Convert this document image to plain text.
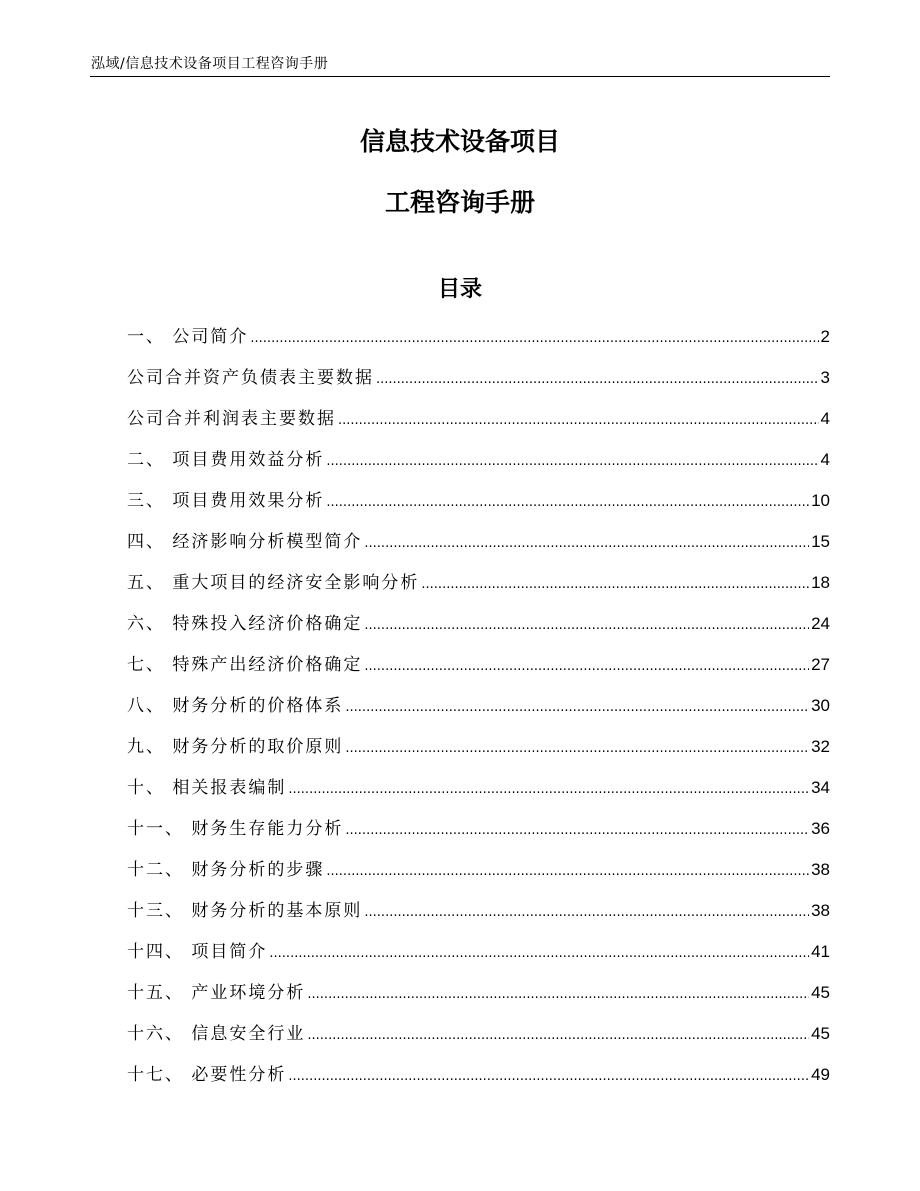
泓域/信息技术设备项目工程咨询手册
信息技术设备项目
工程咨询手册
目录
一、 公司简介 .....	2
公司合并资产负债表主要数据 .....	3
公司合并利润表主要数据 .....	4
二、 项目费用效益分析 .....	4
三、 项目费用效果分析 .....	10
四、 经济影响分析模型简介 .....	15
五、 重大项目的经济安全影响分析 .....	18
六、 特殊投入经济价格确定 .....	24
七、 特殊产出经济价格确定 .....	27
八、 财务分析的价格体系 .....	30
九、 财务分析的取价原则 .....	32
十、 相关报表编制 .....	34
十一、 财务生存能力分析 .....	36
十二、 财务分析的步骤 .....	38
十三、 财务分析的基本原则 .....	38
十四、 项目简介 .....	41
十五、 产业环境分析 .....	45
十六、 信息安全行业 .....	45
十七、 必要性分析 .....	49
